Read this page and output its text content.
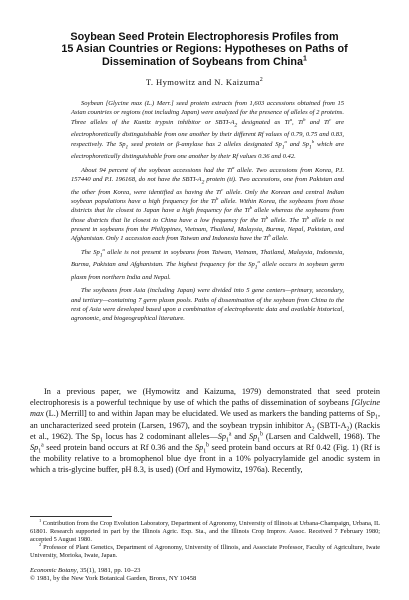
Soybean Seed Protein Electrophoresis Profiles from
15 Asian Countries or Regions: Hypotheses on Paths of
Dissemination of Soybeans from China$^1$
T. Hymowitz and N. Kaizuma$^2$

Soybean [Glycine max (L.) Merr.] seed protein extracts from 1,603 accessions obtained from 15 Asian countries or regions (not including Japan) were analyzed for the presence of alleles of 2 proteins. Three alleles of the Kunitz trypsin inhibitor or SBTI-$A_2$ designated as Ti$^a$, Ti$^b$ and Ti$^c$ are electrophoretically distinguishable from one another by their different Rf values of 0.79, 0.75 and 0.83, respectively. The $Sp_1$ seed protein or β-amylase has 2 alleles designated $Sp_1^a$ and $Sp_1^b$ which are electrophoretically distinguishable from one another by their Rf values 0.36 and 0.42.

About 94 percent of the soybean accessions had the Ti$^a$ allele. Two accessions from Korea, P.I. 157440 and P.I. 196168, do not have the SBTI-$A_2$ protein (ti). Two accessions, one from Pakistan and the other from Korea, were identified as having the Ti$^c$ allele. Only the Korean and central Indian soybean populations have a high frequency for the Ti$^b$ allele. Within Korea, the soybeans from those districts that lie closest to Japan have a high frequency for the Ti$^b$ allele whereas the soybeans from those districts that lie closest to China have a low frequency for the Ti$^b$ allele. The Ti$^b$ allele is not present in soybeans from the Philippines, Vietnam, Thailand, Malaysia, Burma, Nepal, Pakistan, and Afghanistan. Only 1 accession each from Taiwan and Indonesia have the Ti$^b$ allele.

The $Sp_1^a$ allele is not present in soybeans from Taiwan, Vietnam, Thailand, Malaysia, Indonesia, Burma, Pakistan and Afghanistan. The highest frequency for the $Sp_1^a$ allele occurs in soybean germ plasm from northern India and Nepal.

The soybeans from Asia (including Japan) were divided into 5 gene centers—primary, secondary, and tertiary—containing 7 germ plasm pools. Paths of dissemination of the soybean from China to the rest of Asia were developed based upon a combination of electrophoretic data and available historical, agronomic, and biogeographical literature.

In a previous paper, we (Hymowitz and Kaizuma, 1979) demonstrated that seed protein electrophoresis is a powerful technique by use of which the paths of dissemination of soybeans [Glycine max (L.) Merrill] to and within Japan may be elucidated. We used as markers the banding patterns of $Sp_1$, an uncharacterized seed protein (Larsen, 1967), and the soybean trypsin inhibitor $A_2$ $(SBTI-A_2)$ (Rackis et al., 1962). The $Sp_1$ locus has 2 codominant $alleles—Sp_1^a$ and $Sp_1^b$ (Larsen and Caldwell, 1968). The $Sp_1^a$ seed protein band occurs at Rf 0.36 and the $Sp_1^b$ seed protein band occurs at Rf 0.42 (Fig. 1) (Rf is the mobility relative to a bromophenol blue dye front in a 10% polyacrylamide gel anodic system in which a tris-glycine buffer, pH 8.3, is used) (Orf and Hymowitz, 1976a). Recently,

$^1$ Contribution from the Crop Evolution Laboratory, Department of Agronomy, University of Illinois at Urbana-Champaign, Urbana, IL 61801. Research supported in part by the Illinois Agric. Exp. Sta., and the Illinois Crop Improv. Assoc. Received 7 February 1980; accepted 5 August 1980.

$^2$ Professor of Plant Genetics, Department of Agronomy, University of Illinois, and Associate Professor, Faculty of Agriculture, Iwate University, Morioka, Iwate, Japan.

Economic Botany, 35(1), 1981, pp. 10–23

© 1981, by the New York Botanical Garden, Bronx, NY 10458
